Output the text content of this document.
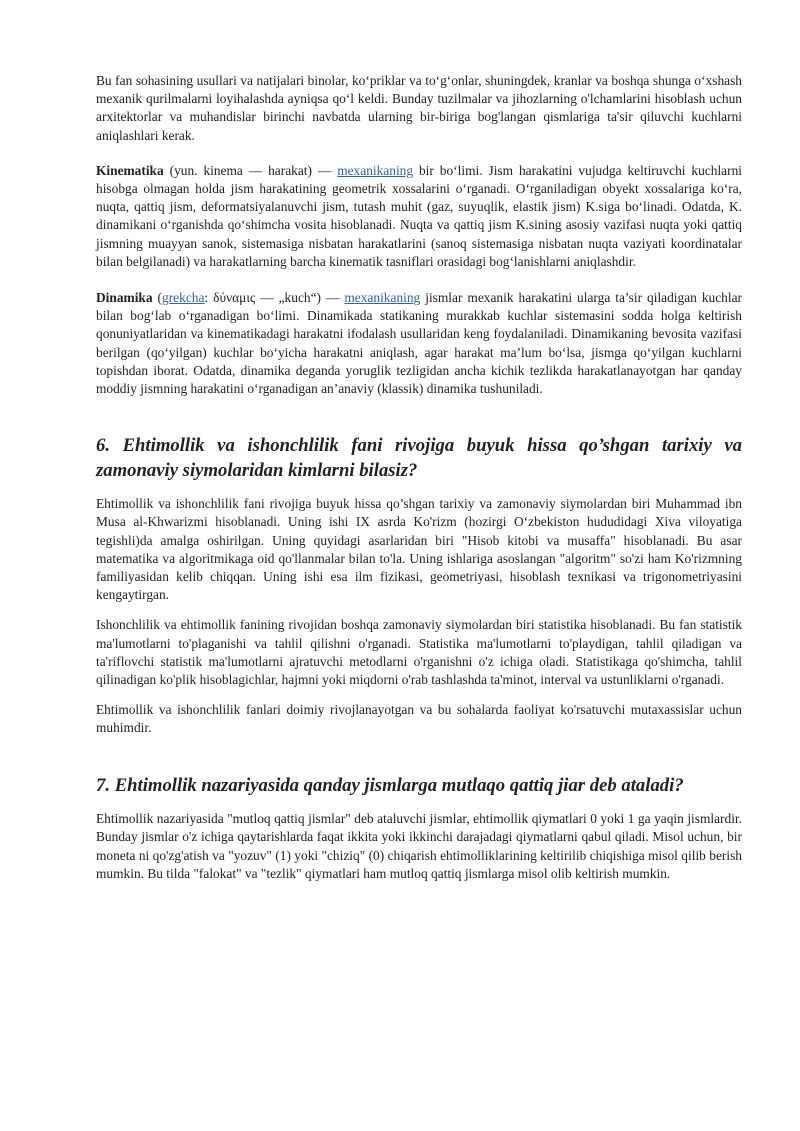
Bu fan sohasining usullari va natijalari binolar, ko‘priklar va to‘g‘onlar, shuningdek, kranlar va boshqa shunga o‘xshash mexanik qurilmalarni loyihalashda ayniqsa qo‘l keldi. Bunday tuzilmalar va jihozlarning o'lchamlarini hisoblash uchun arxitektorlar va muhandislar birinchi navbatda ularning bir-biriga bog'langan qismlariga ta'sir qiluvchi kuchlarni aniqlashlari kerak.

Kinematika (yun. kinema — harakat) — mexanikaning bir bo‘limi. Jism harakatini vujudga keltiruvchi kuchlarni hisobga olmagan holda jism harakatining geometrik xossalarini o‘rganadi. O‘rganiladigan obyekt xossalariga ko‘ra, nuqta, qattiq jism, deformatsiyalanuvchi jism, tutash muhit (gaz, suyuqlik, elastik jism) K.siga bo‘linadi. Odatda, K. dinamikani o‘rganishda qo‘shimcha vosita hisoblanadi. Nuqta va qattiq jism K.sining asosiy vazifasi nuqta yoki qattiq jismning muayyan sanok, sistemasiga nisbatan harakatlarini (sanoq sistemasiga nisbatan nuqta vaziyati koordinatalar bilan belgilanadi) va harakatlarning barcha kinematik tasniflari orasidagi bog‘lanishlarni aniqlashdir.

Dinamika (grekcha: δύναμις — „kuch“) — mexanikaning jismlar mexanik harakatini ularga ta’sir qiladigan kuchlar bilan bog‘lab o‘rganadigan bo‘limi. Dinamikada statikaning murakkab kuchlar sistemasini sodda holga keltirish qonuniyatlaridan va kinematikadagi harakatni ifodalash usullaridan keng foydalaniladi. Dinamikaning bevosita vazifasi berilgan (qo‘yilgan) kuchlar bo‘yicha harakatni aniqlash, agar harakat ma’lum bo‘lsa, jismga qo‘yilgan kuchlarni topishdan iborat. Odatda, dinamika deganda yoruglik tezligidan ancha kichik tezlikda harakatlanayotgan har qanday moddiy jismning harakatini o‘rganadigan an’anaviy (klassik) dinamika tushuniladi.

6. Ehtimollik va ishonchlilik fani rivojiga buyuk hissa qo’shgan tarixiy va zamonaviy siymolaridan kimlarni bilasiz?

Ehtimollik va ishonchlilik fani rivojiga buyuk hissa qo’shgan tarixiy va zamonaviy siymolardan biri Muhammad ibn Musa al-Khwarizmi hisoblanadi. Uning ishi IX asrda Ko'rizm (hozirgi O‘zbekiston hududidagi Xiva viloyatiga tegishli)da amalga oshirilgan. Uning quyidagi asarlaridan biri "Hisob kitobi va musaffa" hisoblanadi. Bu asar matematika va algoritmikaga oid qo'llanmalar bilan to'la. Uning ishlariga asoslangan "algoritm" so'zi ham Ko'rizmning familiyasidan kelib chiqqan. Uning ishi esa ilm fizikasi, geometriyasi, hisoblash texnikasi va trigonometriyasini kengaytirgan.

Ishonchlilik va ehtimollik fanining rivojidan boshqa zamonaviy siymolardan biri statistika hisoblanadi. Bu fan statistik ma'lumotlarni to'plaganishi va tahlil qilishni o'rganadi. Statistika ma'lumotlarni to'playdigan, tahlil qiladigan va ta'riflovchi statistik ma'lumotlarni ajratuvchi metodlarni o'rganishni o'z ichiga oladi. Statistikaga qo'shimcha, tahlil qilinadigan ko'plik hisoblagichlar, hajmni yoki miqdorni o'rab tashlashda ta'minot, interval va ustunliklarni o'rganadi.

Ehtimollik va ishonchlilik fanlari doimiy rivojlanayotgan va bu sohalarda faoliyat ko'rsatuvchi mutaxassislar uchun muhimdir.

7. Ehtimollik nazariyasida qanday jismlarga mutlaqo qattiq jiar deb ataladi?

Ehtimollik nazariyasida "mutloq qattiq jismlar" deb ataluvchi jismlar, ehtimollik qiymatlari 0 yoki 1 ga yaqin jismlardir. Bunday jismlar o'z ichiga qaytarishlarda faqat ikkita yoki ikkinchi darajadagi qiymatlarni qabul qiladi. Misol uchun, bir moneta ni qo'zg'atish va "yozuv" (1) yoki "chiziq" (0) chiqarish ehtimolliklarining keltirilib chiqishiga misol qilib berish mumkin. Bu tilda "falokat" va "tezlik" qiymatlari ham mutloq qattiq jismlarga misol olib keltirish mumkin.
